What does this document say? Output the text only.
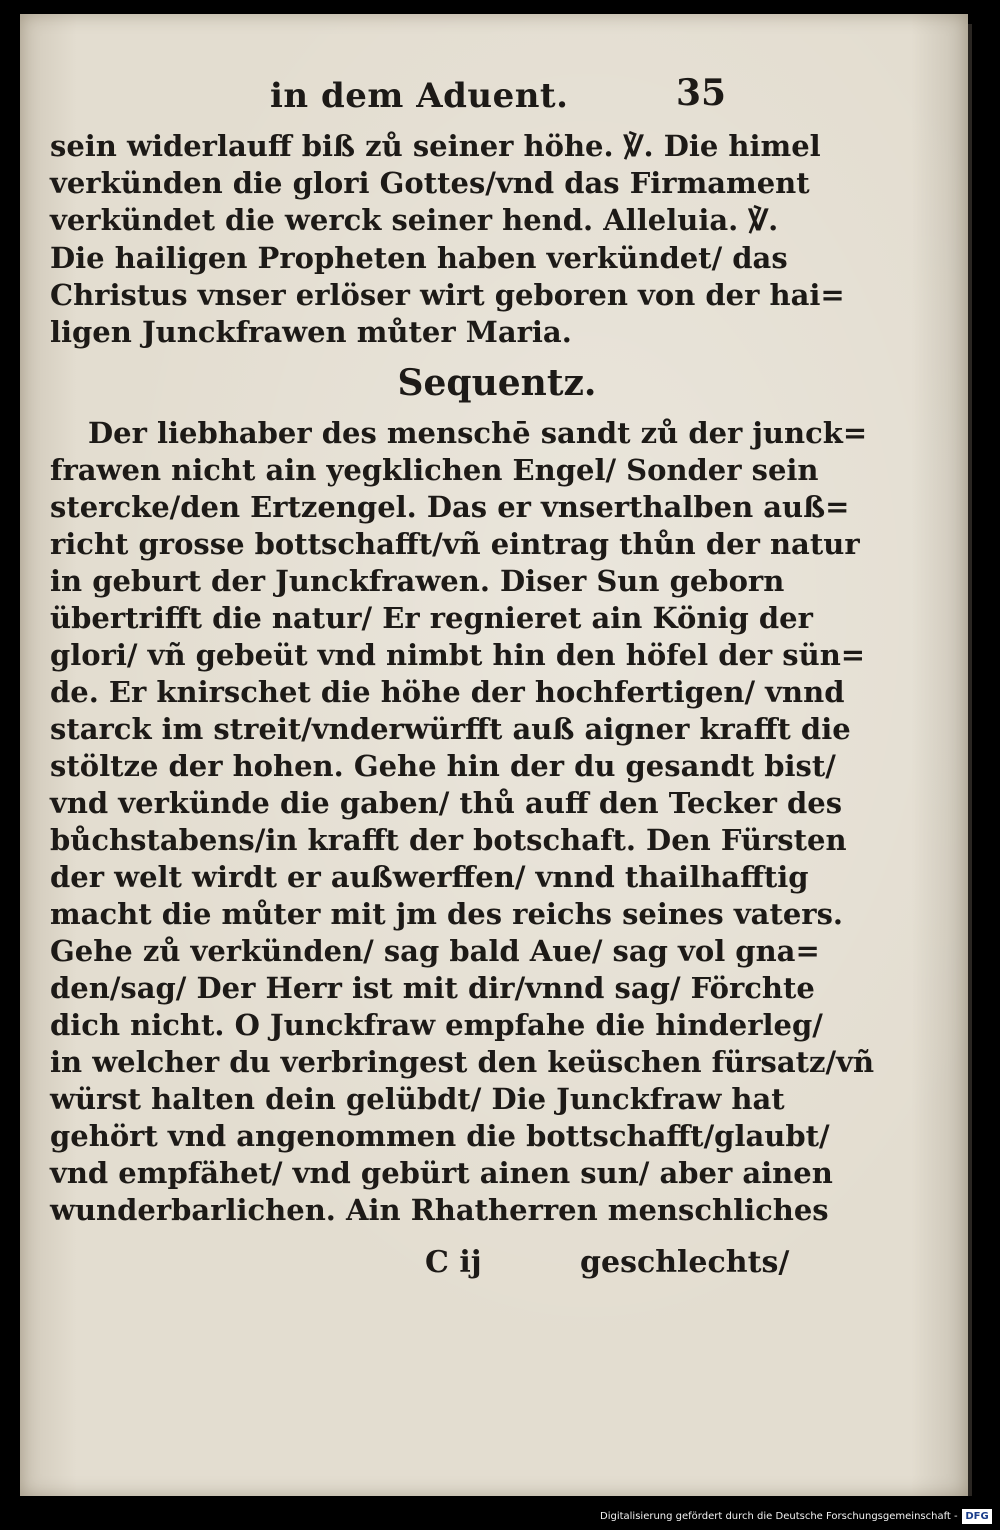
in dem Aduent.	35
sein widerlauff biß zů seiner höhe. ℣. Die himel
verkünden die glori Gottes/vnd das Firmament
verkündet die werck seiner hend. Alleluia. ℣.
Die hailigen Propheten haben verkündet/ das
Christus vnser erlöser wirt geboren von der hai=
ligen Junckfrawen můter Maria.
Sequentz.
Der liebhaber des menschē sandt zů der junck=
frawen nicht ain yegklichen Engel/ Sonder sein
stercke/den Ertzengel. Das er vnserthalben auß=
richt grosse bottschafft/vñ eintrag thůn der natur
in geburt der Junckfrawen. Diser Sun geborn
übertrifft die natur/ Er regnieret ain König der
glori/ vñ gebeüt vnd nimbt hin den höfel der sün=
de. Er knirschet die höhe der hochfertigen/ vnnd
starck im streit/vnderwürfft auß aigner krafft die
stöltze der hohen. Gehe hin der du gesandt bist/
vnd verkünde die gaben/ thů auff den Tecker des
bůchstabens/in krafft der botschaft. Den Fürsten
der welt wirdt er außwerffen/ vnnd thailhafftig
macht die můter mit jm des reichs seines vaters.
Gehe zů verkünden/ sag bald Aue/ sag vol gna=
den/sag/ Der Herr ist mit dir/vnnd sag/ Förchte
dich nicht. O Junckfraw empfahe die hinderleg/
in welcher du verbringest den keüschen fürsatz/vñ
würst halten dein gelübdt/ Die Junckfraw hat
gehört vnd angenommen die bottschafft/glaubt/
vnd empfähet/ vnd gebürt ainen sun/ aber ainen
wunderbarlichen. Ain Rhatherren menschliches
C ij	geschlechts/
Digitalisierung gefördert durch die Deutsche Forschungsgemeinschaft - DFG
